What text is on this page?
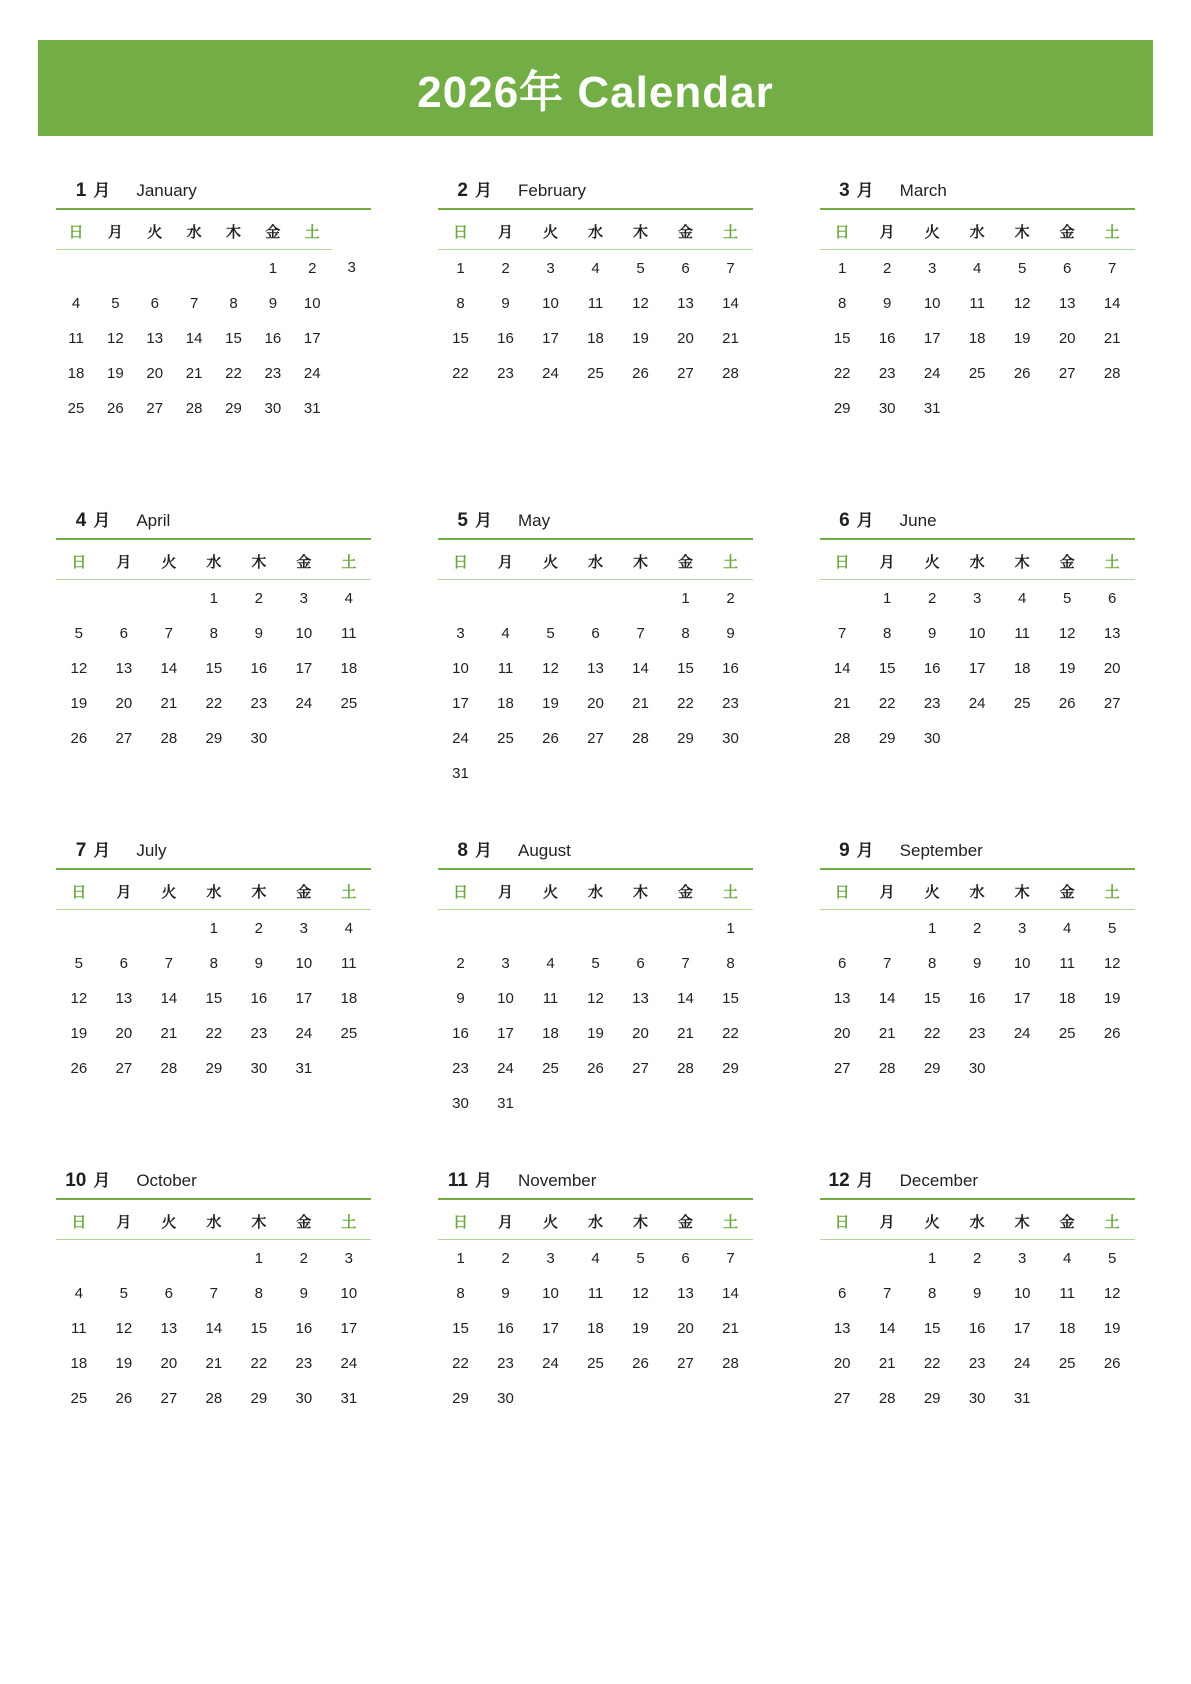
2026年 Calendar
1 月 January
日	月	火	水	木	金	土	
					1	2	3
4	5	6	7	8	9	10	
11	12	13	14	15	16	17	
18	19	20	21	22	23	24	
25	26	27	28	29	30	31	

2 月 February
日	月	火	水	木	金	土
1	2	3	4	5	6	7
8	9	10	11	12	13	14
15	16	17	18	19	20	21
22	23	24	25	26	27	28

3 月 March
日	月	火	水	木	金	土
1	2	3	4	5	6	7
8	9	10	11	12	13	14
15	16	17	18	19	20	21
22	23	24	25	26	27	28
29	30	31				

4 月 April
日	月	火	水	木	金	土
			1	2	3	4
5	6	7	8	9	10	11
12	13	14	15	16	17	18
19	20	21	22	23	24	25
26	27	28	29	30		

5 月 May
日	月	火	水	木	金	土
					1	2
3	4	5	6	7	8	9
10	11	12	13	14	15	16
17	18	19	20	21	22	23
24	25	26	27	28	29	30
31						
6 月 June
日	月	火	水	木	金	土
	1	2	3	4	5	6
7	8	9	10	11	12	13
14	15	16	17	18	19	20
21	22	23	24	25	26	27
28	29	30				

7 月 July
日	月	火	水	木	金	土
			1	2	3	4
5	6	7	8	9	10	11
12	13	14	15	16	17	18
19	20	21	22	23	24	25
26	27	28	29	30	31	

8 月 August
日	月	火	水	木	金	土
						1
2	3	4	5	6	7	8
9	10	11	12	13	14	15
16	17	18	19	20	21	22
23	24	25	26	27	28	29
30	31					
9 月 September
日	月	火	水	木	金	土
		1	2	3	4	5
6	7	8	9	10	11	12
13	14	15	16	17	18	19
20	21	22	23	24	25	26
27	28	29	30			

10 月 October
日	月	火	水	木	金	土
				1	2	3
4	5	6	7	8	9	10
11	12	13	14	15	16	17
18	19	20	21	22	23	24
25	26	27	28	29	30	31

11 月 November
日	月	火	水	木	金	土
1	2	3	4	5	6	7
8	9	10	11	12	13	14
15	16	17	18	19	20	21
22	23	24	25	26	27	28
29	30					

12 月 December
日	月	火	水	木	金	土
		1	2	3	4	5
6	7	8	9	10	11	12
13	14	15	16	17	18	19
20	21	22	23	24	25	26
27	28	29	30	31		
